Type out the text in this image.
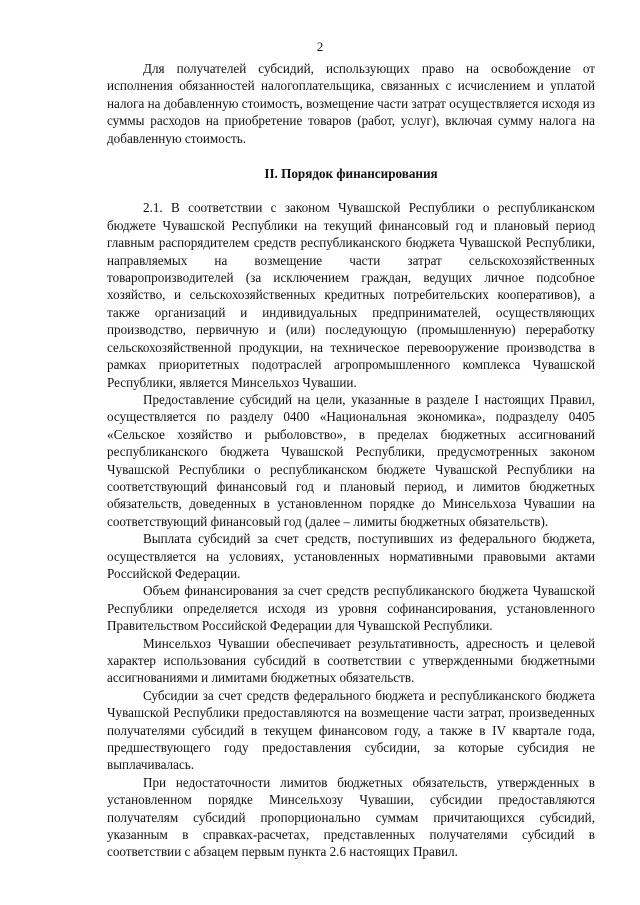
2

Для получателей субсидий, использующих право на освобождение от исполнения обязанностей налогоплательщика, связанных с исчислением и уплатой налога на добавленную стоимость, возмещение части затрат осуществляется исходя из суммы расходов на приобретение товаров (работ, услуг), включая сумму налога на добавленную стоимость.

II. Порядок финансирования

2.1. В соответствии с законом Чувашской Республики о республиканском бюджете Чувашской Республики на текущий финансовый год и плановый период главным распорядителем средств республиканского бюджета Чувашской Республики, направляемых на возмещение части затрат сельскохозяйственных товаропроизводителей (за исключением граждан, ведущих личное подсобное хозяйство, и сельскохозяйственных кредитных потребительских кооперативов), а также организаций и индивидуальных предпринимателей, осуществляющих производство, первичную и (или) последующую (промышленную) переработку сельскохозяйственной продукции, на техническое перевооружение производства в рамках приоритетных подотраслей агропромышленного комплекса Чувашской Республики, является Минсельхоз Чувашии.

Предоставление субсидий на цели, указанные в разделе I настоящих Правил, осуществляется по разделу 0400 «Национальная экономика», подразделу 0405 «Сельское хозяйство и рыболовство», в пределах бюджетных ассигнований республиканского бюджета Чувашской Республики, предусмотренных законом Чувашской Республики о республиканском бюджете Чувашской Республики на соответствующий финансовый год и плановый период, и лимитов бюджетных обязательств, доведенных в установленном порядке до Минсельхоза Чувашии на соответствующий финансовый год (далее – лимиты бюджетных обязательств).

Выплата субсидий за счет средств, поступивших из федерального бюджета, осуществляется на условиях, установленных нормативными правовыми актами Российской Федерации.

Объем финансирования за счет средств республиканского бюджета Чувашской Республики определяется исходя из уровня софинансирования, установленного Правительством Российской Федерации для Чувашской Республики.

Минсельхоз Чувашии обеспечивает результативность, адресность и целевой характер использования субсидий в соответствии с утвержденными бюджетными ассигнованиями и лимитами бюджетных обязательств.

Субсидии за счет средств федерального бюджета и республиканского бюджета Чувашской Республики предоставляются на возмещение части затрат, произведенных получателями субсидий в текущем финансовом году, а также в IV квартале года, предшествующего году предоставления субсидии, за которые субсидия не выплачивалась.

При недостаточности лимитов бюджетных обязательств, утвержденных в установленном порядке Минсельхозу Чувашии, субсидии предоставляются получателям субсидий пропорционально суммам причитающихся субсидий, указанным в справках-расчетах, представленных получателями субсидий в соответствии с абзацем первым пункта 2.6 настоящих Правил.
